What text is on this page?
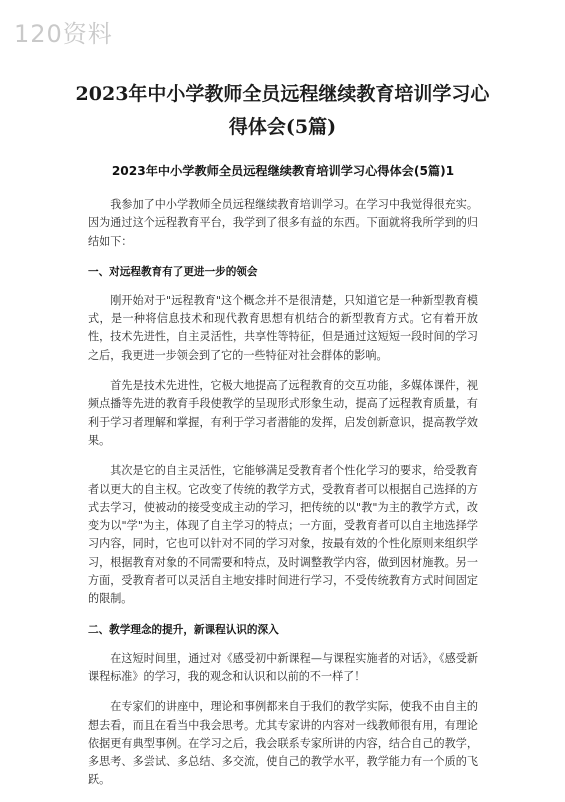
120资料
2023年中小学教师全员远程继续教育培训学习心得体会(5篇)
2023年中小学教师全员远程继续教育培训学习心得体会(5篇)1

我参加了中小学教师全员远程继续教育培训学习。在学习中我觉得很充实。因为通过这个远程教育平台，我学到了很多有益的东西。下面就将我所学到的归结如下：

一、对远程教育有了更进一步的领会

刚开始对于"远程教育"这个概念并不是很清楚，只知道它是一种新型教育模式，是一种将信息技术和现代教育思想有机结合的新型教育方式。它有着开放性，技术先进性，自主灵活性，共享性等特征，但是通过这短短一段时间的学习之后，我更进一步领会到了它的一些特征对社会群体的影响。

首先是技术先进性，它极大地提高了远程教育的交互功能，多媒体课件，视频点播等先进的教育手段使教学的呈现形式形象生动，提高了远程教育质量，有利于学习者理解和掌握，有利于学习者潜能的发挥，启发创新意识，提高教学效果。

其次是它的自主灵活性，它能够满足受教育者个性化学习的要求，给受教育者以更大的自主权。它改变了传统的教学方式，受教育者可以根据自己选择的方式去学习，使被动的接受变成主动的学习，把传统的以"教"为主的教学方式，改变为以"学"为主，体现了自主学习的特点；一方面，受教育者可以自主地选择学习内容，同时，它也可以针对不同的学习对象，按最有效的个性化原则来组织学习，根据教育对象的不同需要和特点，及时调整教学内容，做到因材施教。另一方面，受教育者可以灵活自主地安排时间进行学习，不受传统教育方式时间固定的限制。

二、教学理念的提升，新课程认识的深入

在这短时间里，通过对《感受初中新课程—与课程实施者的对话》，《感受新课程标准》的学习，我的观念和认识和以前的不一样了！

在专家们的讲座中，理论和事例都来自于我们的教学实际，使我不由自主的想去看，而且在看当中我会思考。尤其专家讲的内容对一线教师很有用，有理论依据更有典型事例。在学习之后，我会联系专家所讲的内容，结合自己的教学，多思考、多尝试、多总结、多交流，使自己的教学水平，教学能力有一个质的飞跃。
